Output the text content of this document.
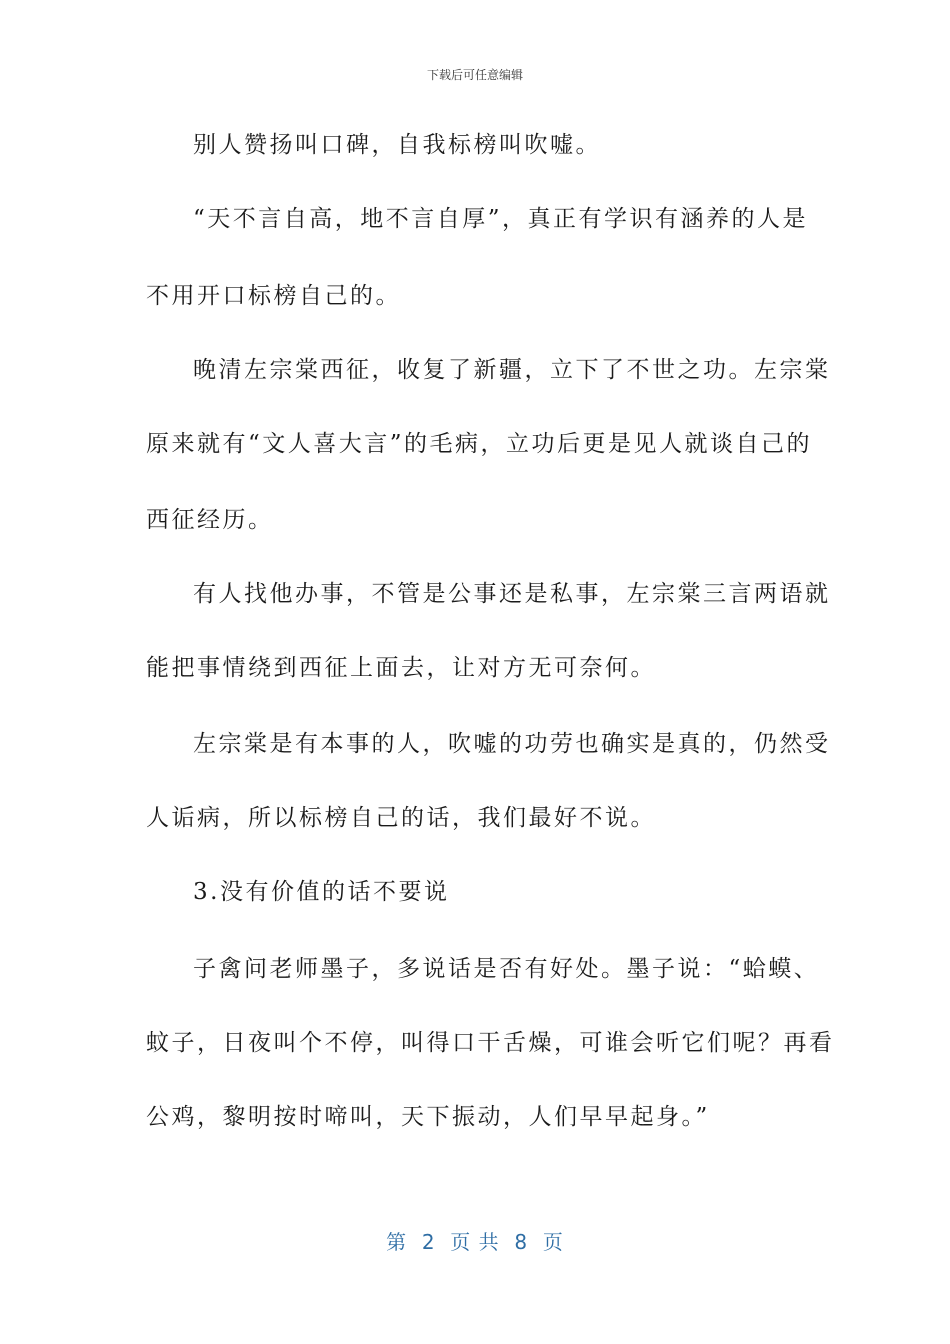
下载后可任意编辑
别人赞扬叫口碑，自我标榜叫吹嘘。
“天不言自高，地不言自厚”，真正有学识有涵养的人是
不用开口标榜自己的。
晚清左宗棠西征，收复了新疆，立下了不世之功。左宗棠
原来就有“文人喜大言”的毛病，立功后更是见人就谈自己的
西征经历。
有人找他办事，不管是公事还是私事，左宗棠三言两语就
能把事情绕到西征上面去，让对方无可奈何。
左宗棠是有本事的人，吹嘘的功劳也确实是真的，仍然受
人诟病，所以标榜自己的话，我们最好不说。
3.没有价值的话不要说
子禽问老师墨子，多说话是否有好处。墨子说：“蛤蟆、
蚊子，日夜叫个不停，叫得口干舌燥，可谁会听它们呢？再看
公鸡，黎明按时啼叫，天下振动，人们早早起身。”
第  2  页 共  8  页
